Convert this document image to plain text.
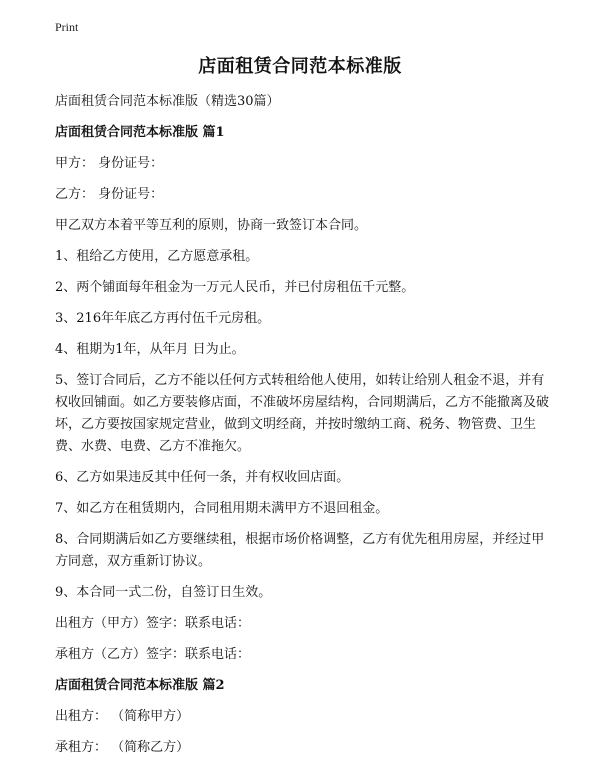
Print
店面租赁合同范本标准版
店面租赁合同范本标准版（精选30篇）
店面租赁合同范本标准版 篇1
甲方： 身份证号：
乙方： 身份证号：
甲乙双方本着平等互利的原则，协商一致签订本合同。
1、租给乙方使用，乙方愿意承租。
2、两个铺面每年租金为一万元人民币，并已付房租伍千元整。
3、216年年底乙方再付伍千元房租。
4、租期为1年，从年月 日为止。
5、签订合同后，乙方不能以任何方式转租给他人使用，如转让给别人租金不退，并有权收回铺面。如乙方要装修店面，不准破坏房屋结构，合同期满后，乙方不能撤离及破坏，乙方要按国家规定营业，做到文明经商，并按时缴纳工商、税务、物管费、卫生费、水费、电费、乙方不准拖欠。
6、乙方如果违反其中任何一条，并有权收回店面。
7、如乙方在租赁期内，合同租用期未满甲方不退回租金。
8、合同期满后如乙方要继续租，根据市场价格调整，乙方有优先租用房屋，并经过甲方同意，双方重新订协议。
9、本合同一式二份，自签订日生效。
出租方（甲方）签字：联系电话：
承租方（乙方）签字：联系电话：
店面租赁合同范本标准版 篇2
出租方： （简称甲方）
承租方： （简称乙方）
